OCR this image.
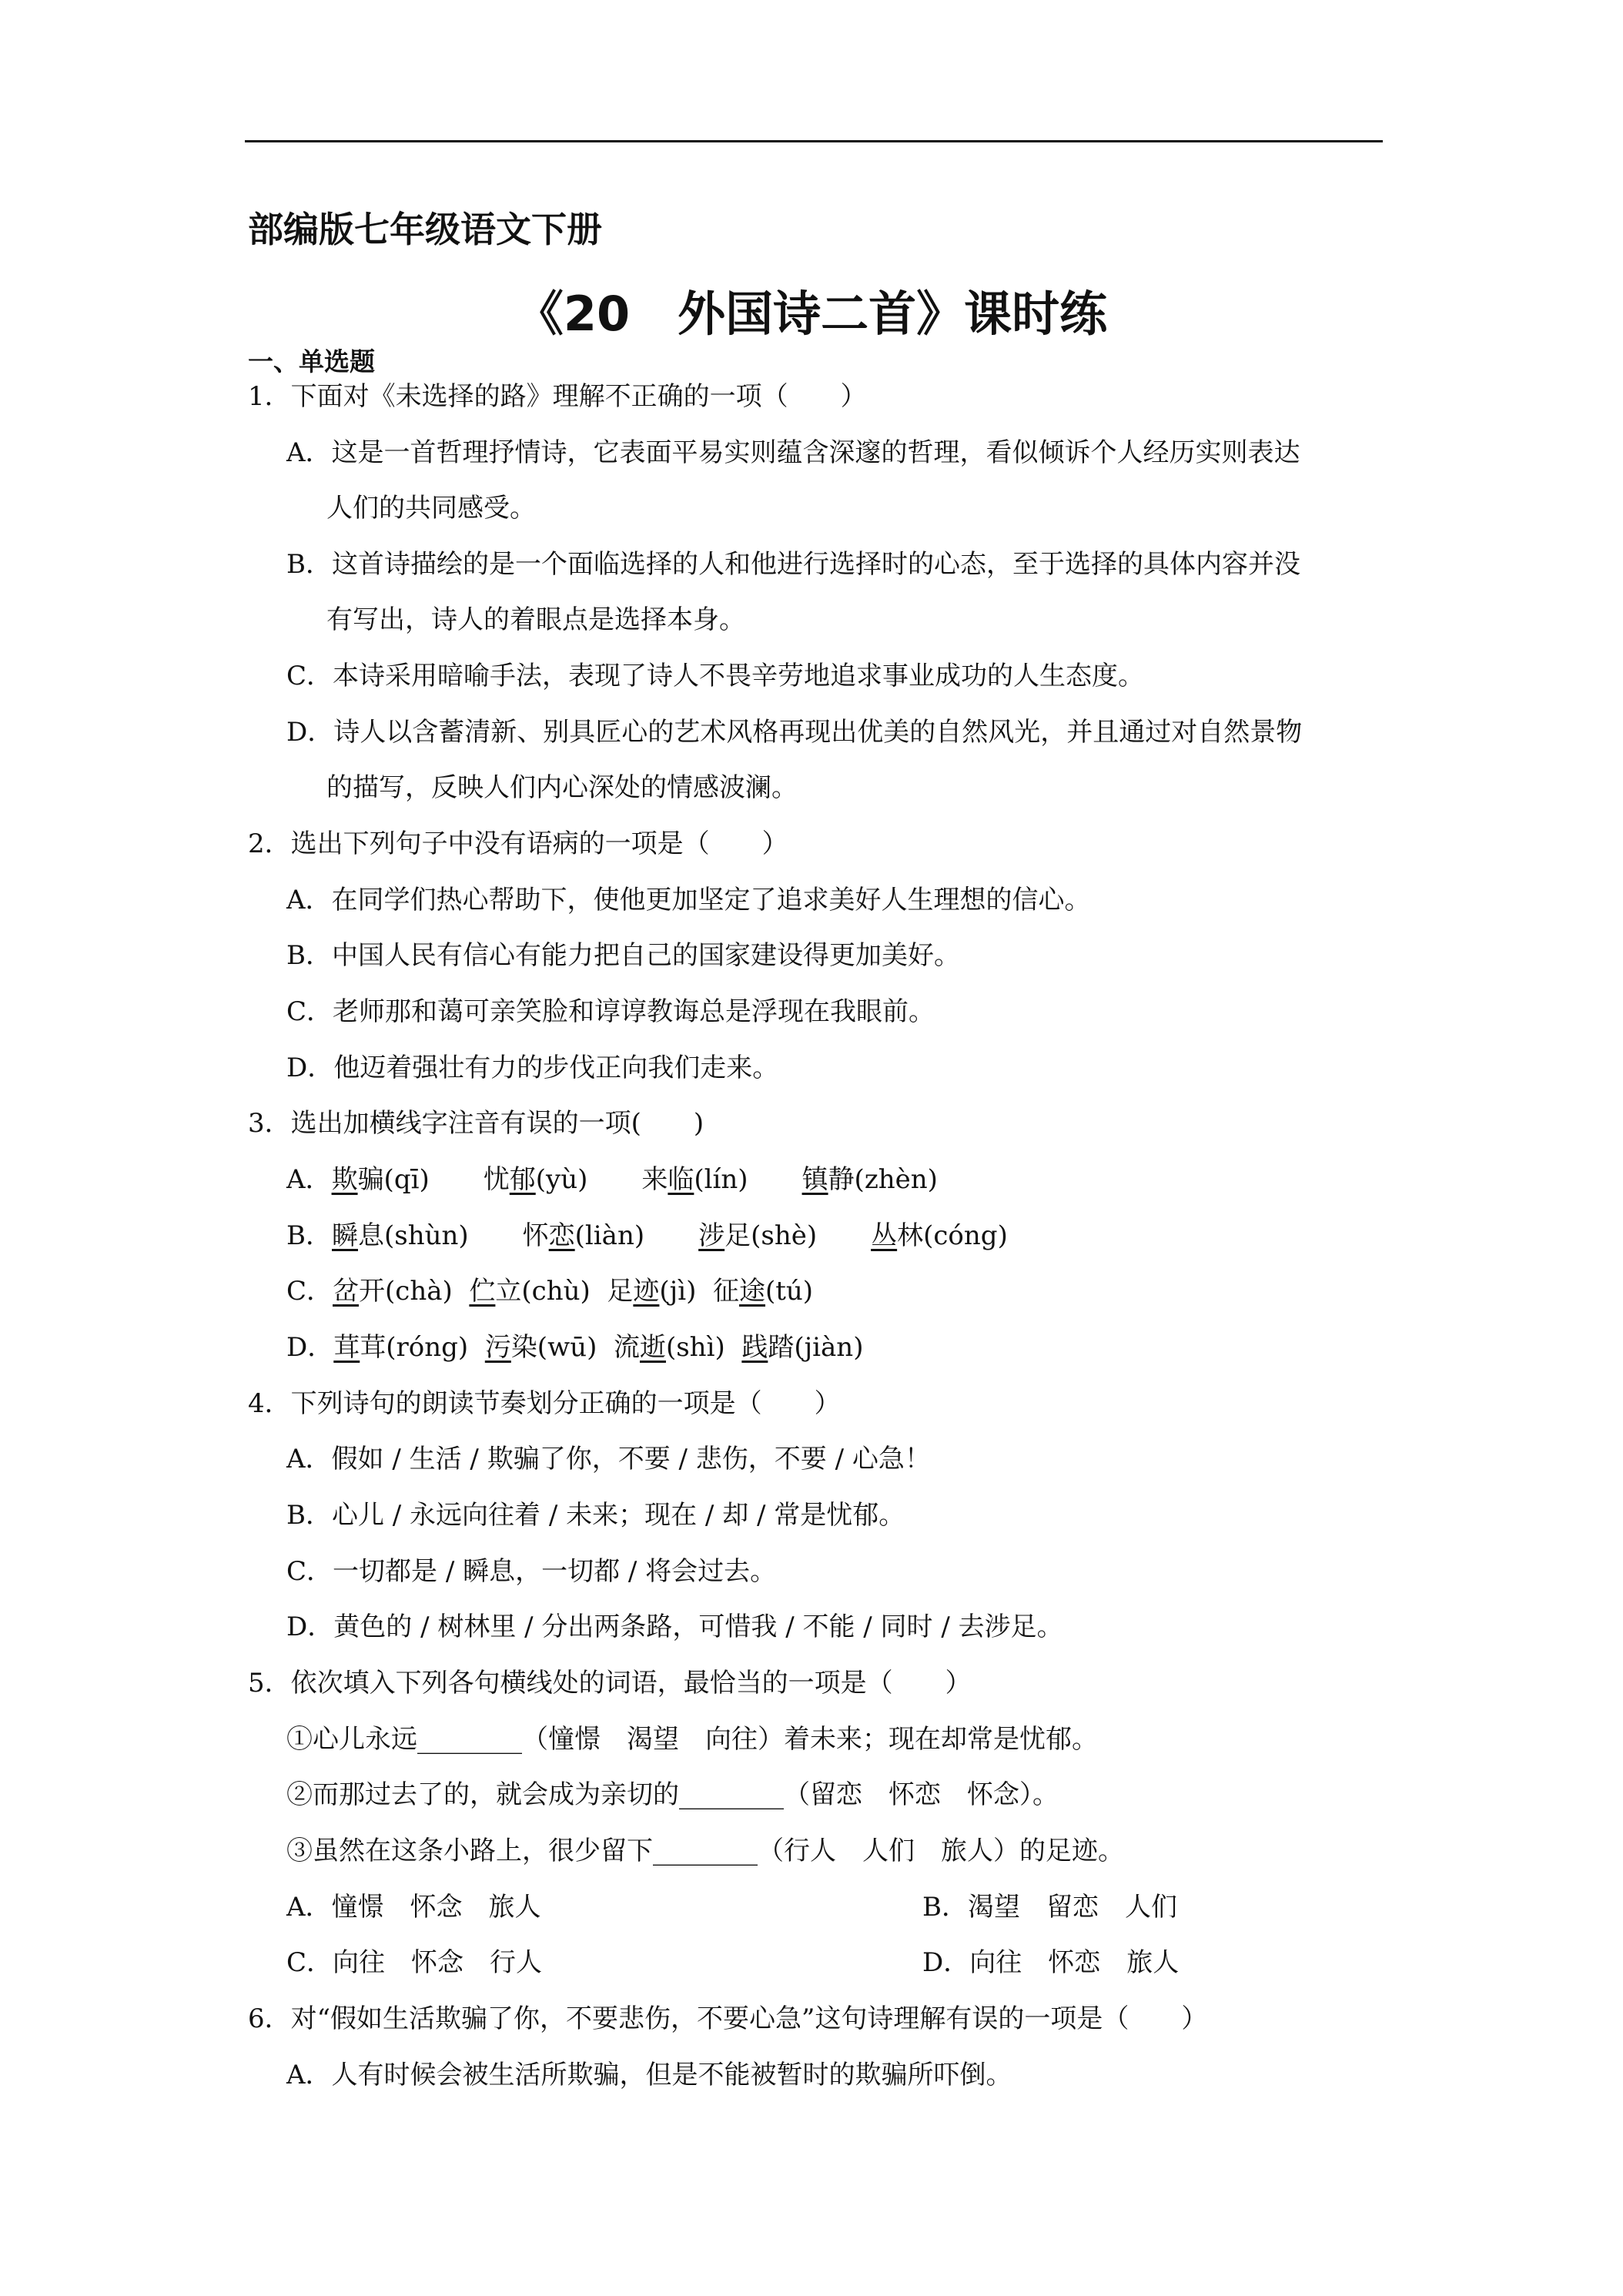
部编版七年级语文下册
《20　外国诗二首》课时练
一、单选题
1．下面对《未选择的路》理解不正确的一项（　　）
A．这是一首哲理抒情诗，它表面平易实则蕴含深邃的哲理，看似倾诉个人经历实则表达
人们的共同感受。
B．这首诗描绘的是一个面临选择的人和他进行选择时的心态，至于选择的具体内容并没
有写出，诗人的着眼点是选择本身。
C．本诗采用暗喻手法，表现了诗人不畏辛劳地追求事业成功的人生态度。
D．诗人以含蓄清新、别具匠心的艺术风格再现出优美的自然风光，并且通过对自然景物
的描写，反映人们内心深处的情感波澜。
2．选出下列句子中没有语病的一项是（　　）
A．在同学们热心帮助下，使他更加坚定了追求美好人生理想的信心。
B．中国人民有信心有能力把自己的国家建设得更加美好。
C．老师那和蔼可亲笑脸和谆谆教诲总是浮现在我眼前。
D．他迈着强壮有力的步伐正向我们走来。
3．选出加横线字注音有误的一项(　　)
A．欺骗(qī) 忧郁(yù) 来临(lín) 镇静(zhèn)
B．瞬息(shùn) 怀恋(liàn) 涉足(shè) 丛林(cóng)
C．岔开(chà) 伫立(chù) 足迹(jì) 征途(tú)
D．茸茸(róng) 污染(wū) 流逝(shì) 践踏(jiàn)
4．下列诗句的朗读节奏划分正确的一项是（　　）
A．假如 / 生活 / 欺骗了你，不要 / 悲伤，不要 / 心急！
B．心儿 / 永远向往着 / 未来；现在 / 却 / 常是忧郁。
C．一切都是 / 瞬息，一切都 / 将会过去。
D．黄色的 / 树林里 / 分出两条路，可惜我 / 不能 / 同时 / 去涉足。
5．依次填入下列各句横线处的词语，最恰当的一项是（　　）
①心儿永远________（憧憬　渴望　向往）着未来；现在却常是忧郁。
②而那过去了的，就会成为亲切的________（留恋　怀恋　怀念）。
③虽然在这条小路上，很少留下________（行人　人们　旅人）的足迹。
A．憧憬　怀念　旅人	B．渴望　留恋　人们
C．向往　怀念　行人	D．向往　怀恋　旅人
6．对“假如生活欺骗了你，不要悲伤，不要心急”这句诗理解有误的一项是（　　）
A．人有时候会被生活所欺骗，但是不能被暂时的欺骗所吓倒。
